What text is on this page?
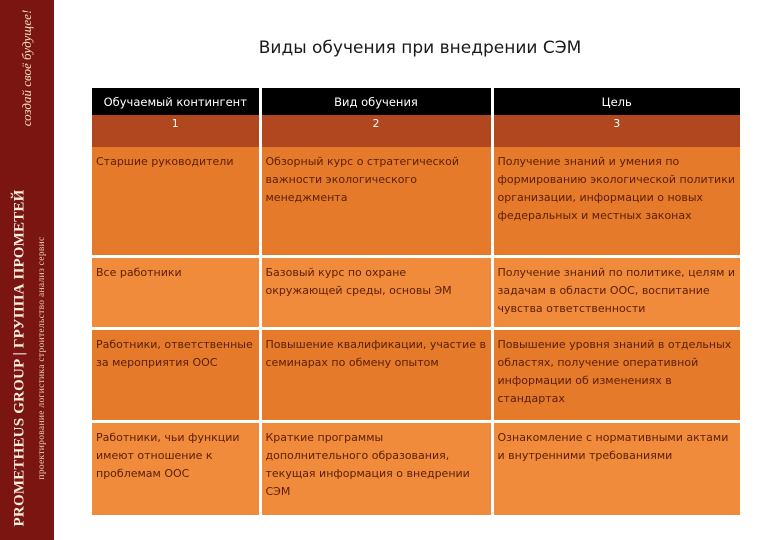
создай своё будущее!
PROMETHEUS GROUP | ГРУППА ПРОМЕТЕЙ проектирование логистика строительство анализ сервис
Виды обучения при внедрении СЭМ
Обучаемый контингент	Вид обучения	Цель
1	2	3
Старшие руководители	Обзорный курс о стратегической важности экологического менеджмента	Получение знаний и умения по формированию экологической политики организации, информации о новых федеральных и местных законах

Все работники	Базовый курс по охране окружающей среды, основы ЭМ	Получение знаний по политике, целям и задачам в области ООС, воспитание чувства ответственности

Работники, ответственные за мероприятия ООС	Повышение квалификации, участие в семинарах по обмену опытом	Повышение уровня знаний в отдельных областях, получение оперативной информации об изменениях в стандартах

Работники, чьи функции имеют отношение к проблемам ООС	Краткие программы дополнительного образования, текущая информация о внедрении СЭМ	Ознакомление с нормативными актами и внутренними требованиями
